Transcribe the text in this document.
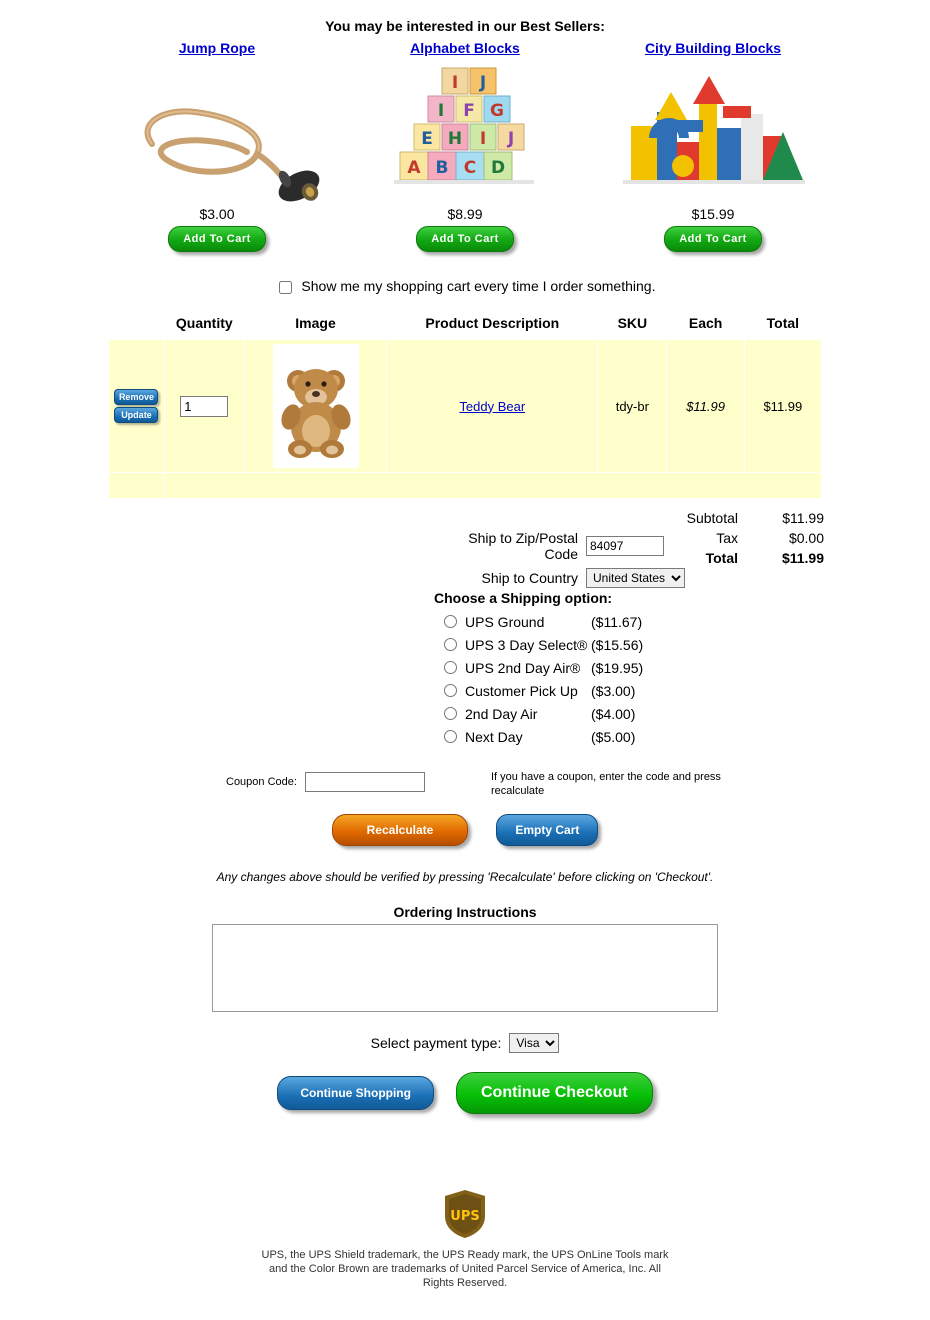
You may be interested in our Best Sellers:
Jump Rope
$3.00
Add To Cart
Alphabet Blocks
I J
I F G
E H I J
A B C D
$8.99
Add To Cart
City Building Blocks
$15.99
Add To Cart
Show me my shopping cart every time I order something.
	Quantity	Image	Product Description	SKU	Each	Total

Remove
Update
	1		Teddy Bear	tdy-br	$11.99	$11.99

Subtotal	$11.99
Tax	$0.00
Total	$11.99
Ship to Zip/Postal Code
84097
Ship to Country
United States
Choose a Shipping option:
UPS Ground	($11.67)
UPS 3 Day Select® ($15.56)
UPS 2nd Day Air® ($19.95)
Customer Pick Up ($3.00)
2nd Day Air	($4.00)
Next Day	($5.00)
Coupon Code:	If you have a coupon, enter the code and press recalculate
Recalculate	Empty Cart
Any changes above should be verified by pressing 'Recalculate' before clicking on 'Checkout'.
Ordering Instructions
Select payment type:
Visa
Continue Shopping	Continue Checkout
UPS
UPS, the UPS Shield trademark, the UPS Ready mark, the UPS OnLine Tools mark and the Color Brown are trademarks of United Parcel Service of America, Inc. All Rights Reserved.
